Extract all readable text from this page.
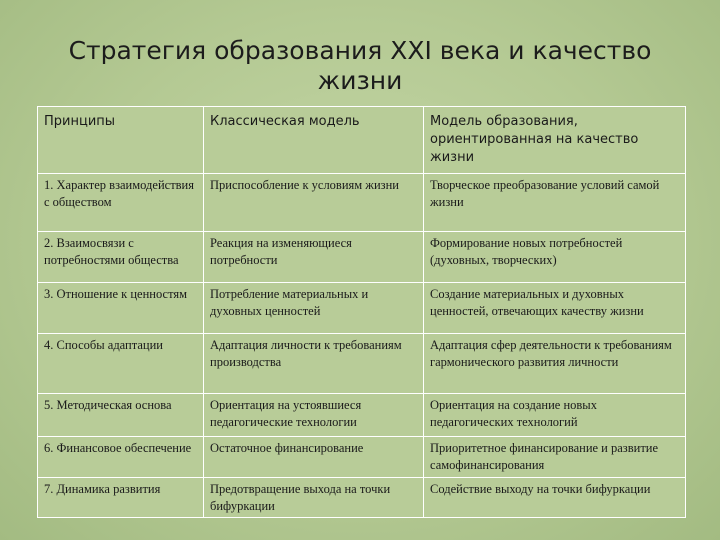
Стратегия образования XXI века и качество жизни
Принципы	Классическая модель	Модель образования, ориентированная на качество жизни
1. Характер взаимодействия с обществом	Приспособление к условиям жизни	Творческое преобразование условий самой жизни
2. Взаимосвязи с потребностями общества	Реакция на изменяющиеся потребности	Формирование новых потребностей (духовных, творческих)
3. Отношение к ценностям	Потребление материальных и духовных ценностей	Создание материальных и духовных ценностей, отвечающих качеству жизни
4. Способы адаптации	Адаптация личности к требованиям производства	Адаптация сфер деятельности к требованиям гармонического развития личности
5. Методическая основа	Ориентация на устоявшиеся педагогические технологии	Ориентация на создание новых педагогических технологий
6. Финансовое обеспечение	Остаточное финансирование	Приоритетное финансирование и развитие самофинансирования
7. Динамика развития	Предотвращение выхода на точки бифуркации	Содействие выходу на точки бифуркации
